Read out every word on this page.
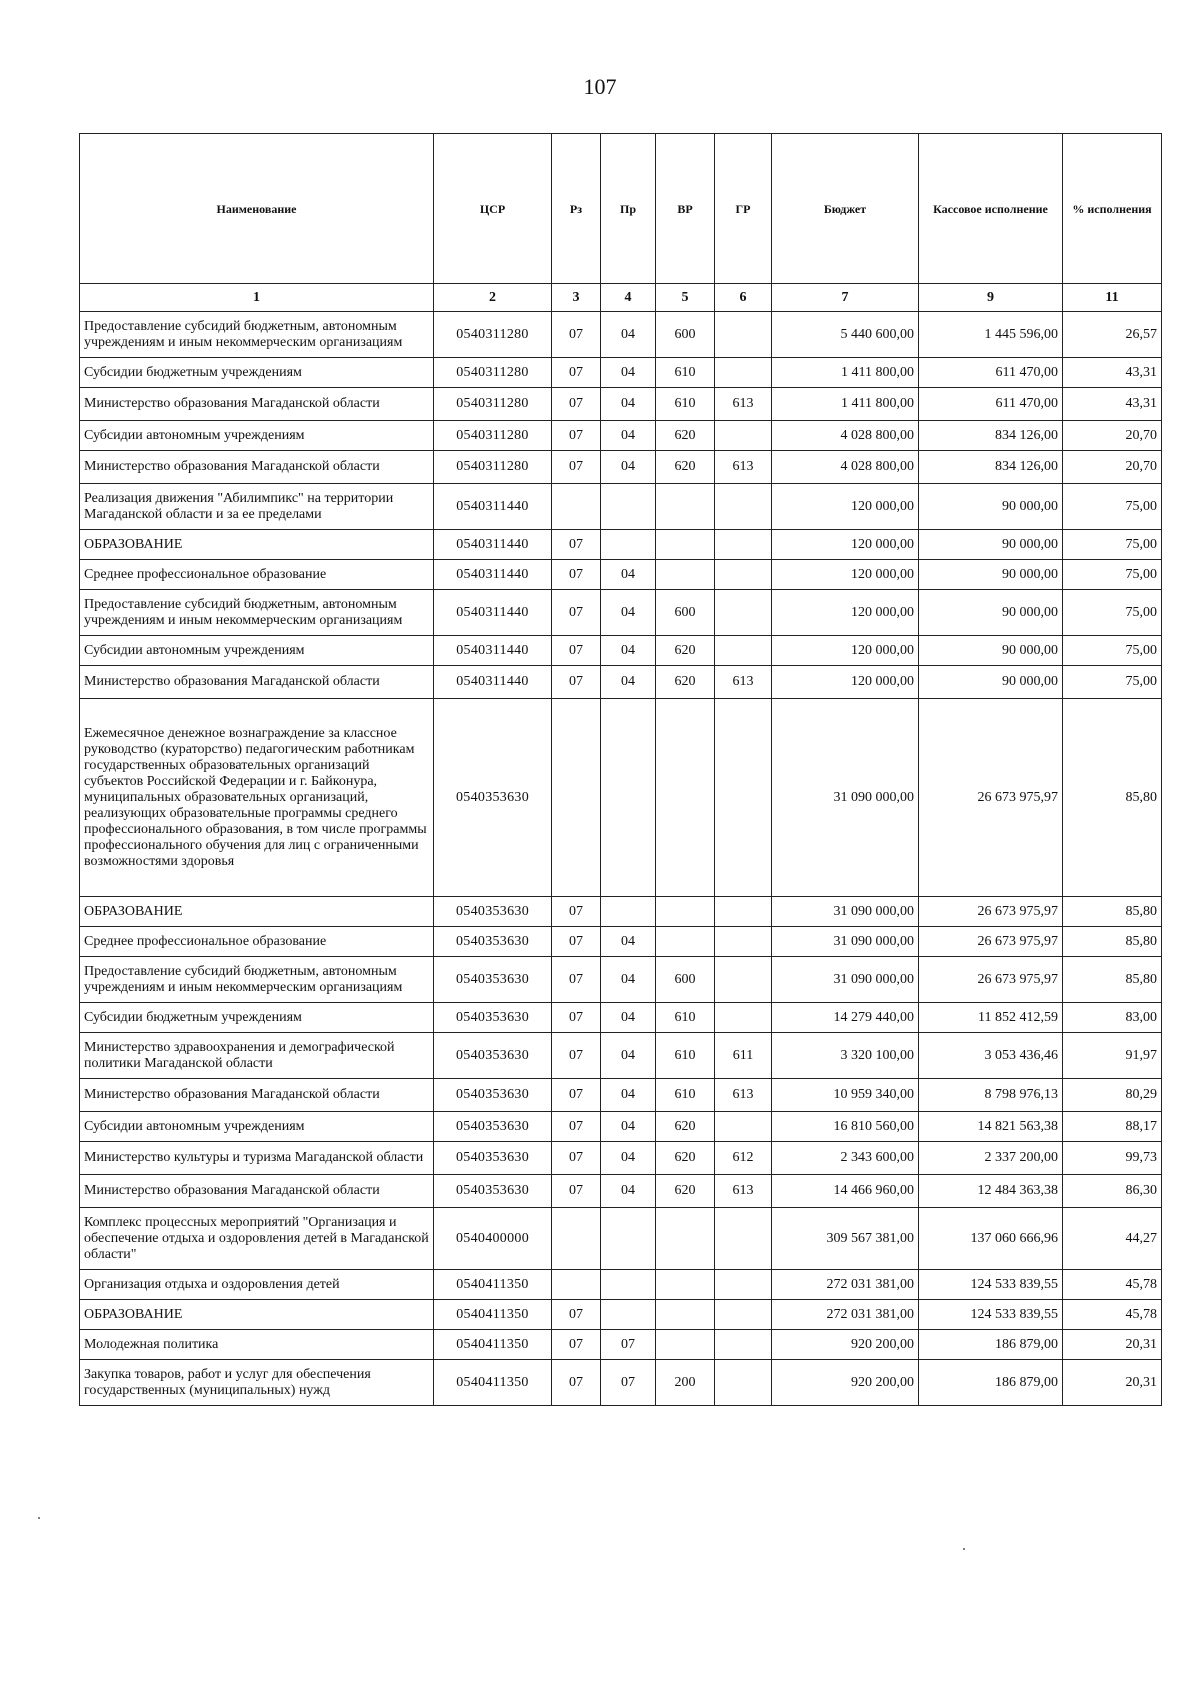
107
Наименование	ЦСР	Рз	Пр	ВР	ГР	Бюджет	Кассовое исполнение	% исполнения
1	2	3	4	5	6	7	9	11
Предоставление субсидий бюджетным, автономным учреждениям и иным некоммерческим организациям	0540311280	07	04	600		5 440 600,00	1 445 596,00	26,57
Субсидии бюджетным учреждениям	0540311280	07	04	610		1 411 800,00	611 470,00	43,31
Министерство образования Магаданской области	0540311280	07	04	610	613	1 411 800,00	611 470,00	43,31
Субсидии автономным учреждениям	0540311280	07	04	620		4 028 800,00	834 126,00	20,70
Министерство образования Магаданской области	0540311280	07	04	620	613	4 028 800,00	834 126,00	20,70
Реализация движения "Абилимпикс" на территории Магаданской области и за ее пределами	0540311440					120 000,00	90 000,00	75,00
ОБРАЗОВАНИЕ	0540311440	07				120 000,00	90 000,00	75,00
Среднее профессиональное образование	0540311440	07	04			120 000,00	90 000,00	75,00
Предоставление субсидий бюджетным, автономным учреждениям и иным некоммерческим организациям	0540311440	07	04	600		120 000,00	90 000,00	75,00
Субсидии автономным учреждениям	0540311440	07	04	620		120 000,00	90 000,00	75,00
Министерство образования Магаданской области	0540311440	07	04	620	613	120 000,00	90 000,00	75,00
Ежемесячное денежное вознаграждение за классное руководство (кураторство) педагогическим работникам государственных образовательных организаций субъектов Российской Федерации и г. Байконура, муниципальных образовательных организаций, реализующих образовательные программы среднего профессионального образования, в том числе программы профессионального обучения для лиц с ограниченными возможностями здоровья	0540353630					31 090 000,00	26 673 975,97	85,80
ОБРАЗОВАНИЕ	0540353630	07				31 090 000,00	26 673 975,97	85,80
Среднее профессиональное образование	0540353630	07	04			31 090 000,00	26 673 975,97	85,80
Предоставление субсидий бюджетным, автономным учреждениям и иным некоммерческим организациям	0540353630	07	04	600		31 090 000,00	26 673 975,97	85,80
Субсидии бюджетным учреждениям	0540353630	07	04	610		14 279 440,00	11 852 412,59	83,00
Министерство здравоохранения и демографической политики Магаданской области	0540353630	07	04	610	611	3 320 100,00	3 053 436,46	91,97
Министерство образования Магаданской области	0540353630	07	04	610	613	10 959 340,00	8 798 976,13	80,29
Субсидии автономным учреждениям	0540353630	07	04	620		16 810 560,00	14 821 563,38	88,17
Министерство культуры и туризма Магаданской области	0540353630	07	04	620	612	2 343 600,00	2 337 200,00	99,73
Министерство образования Магаданской области	0540353630	07	04	620	613	14 466 960,00	12 484 363,38	86,30
Комплекс процессных мероприятий "Организация и обеспечение отдыха и оздоровления детей в Магаданской области"	0540400000					309 567 381,00	137 060 666,96	44,27
Организация отдыха и оздоровления детей	0540411350					272 031 381,00	124 533 839,55	45,78
ОБРАЗОВАНИЕ	0540411350	07				272 031 381,00	124 533 839,55	45,78
Молодежная политика	0540411350	07	07			920 200,00	186 879,00	20,31
Закупка товаров, работ и услуг для обеспечения государственных (муниципальных) нужд	0540411350	07	07	200		920 200,00	186 879,00	20,31
